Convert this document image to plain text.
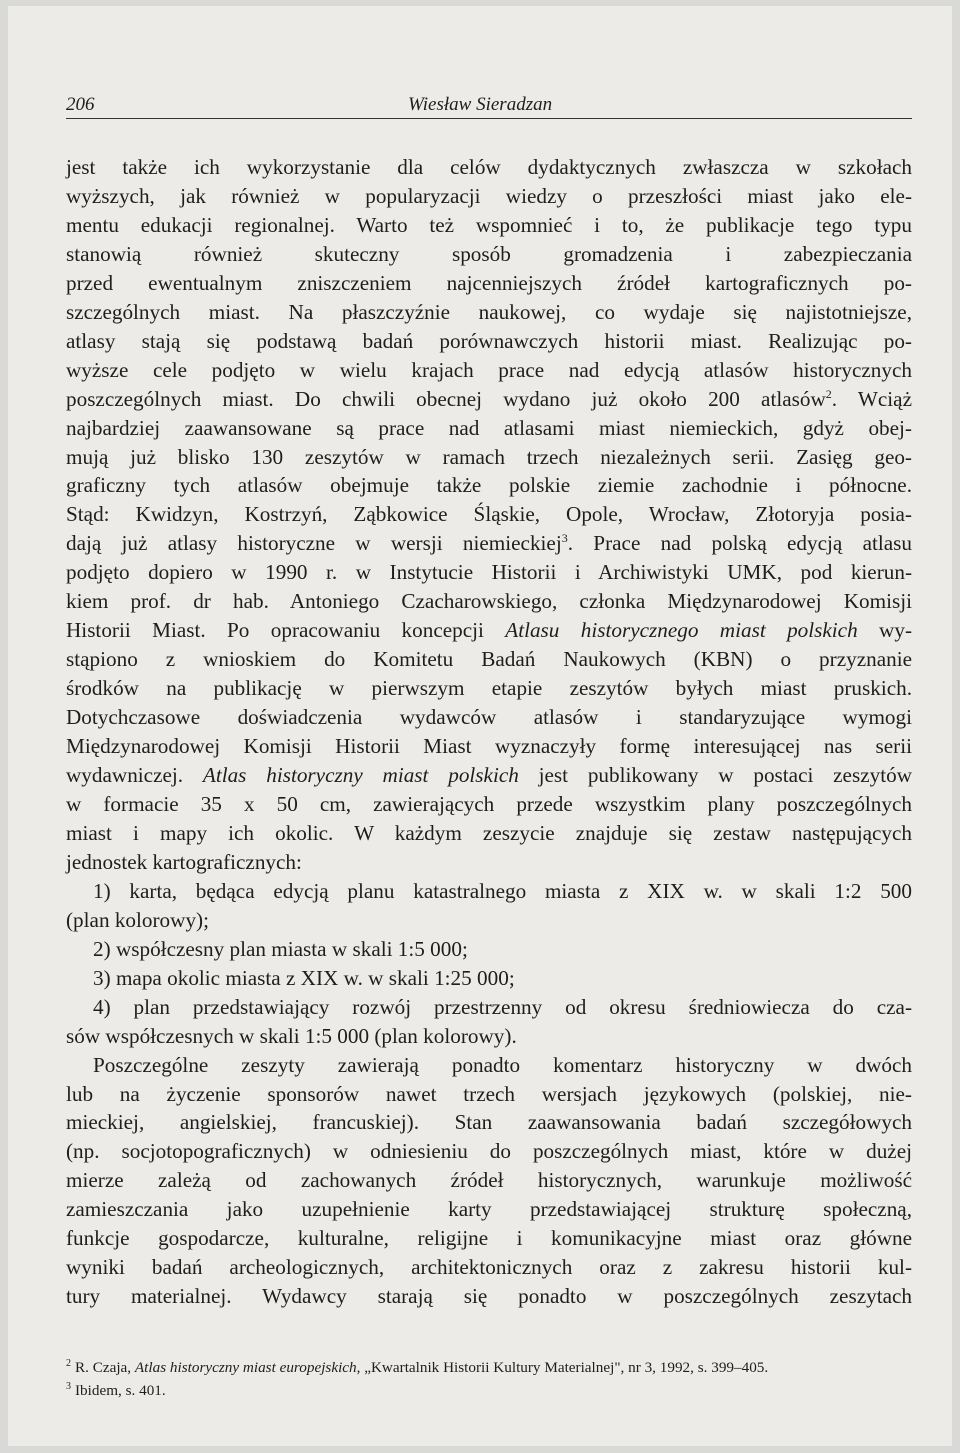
206	Wiesław Sieradzan
jest także ich wykorzystanie dla celów dydaktycznych zwłaszcza w szkołach
wyższych, jak również w popularyzacji wiedzy o przeszłości miast jako ele-
mentu edukacji regionalnej. Warto też wspomnieć i to, że publikacje tego typu
stanowią również skuteczny sposób gromadzenia i zabezpieczania
przed ewentualnym zniszczeniem najcenniejszych źródeł kartograficznych po-
szczególnych miast. Na płaszczyźnie naukowej, co wydaje się najistotniejsze,
atlasy stają się podstawą badań porównawczych historii miast. Realizując po-
wyższe cele podjęto w wielu krajach prace nad edycją atlasów historycznych
poszczególnych miast. Do chwili obecnej wydano już około 200 atlasów$^2$. Wciąż
najbardziej zaawansowane są prace nad atlasami miast niemieckich, gdyż obej-
mują już blisko 130 zeszytów w ramach trzech niezależnych serii. Zasięg geo-
graficzny tych atlasów obejmuje także polskie ziemie zachodnie i północne.
Stąd: Kwidzyn, Kostrzyń, Ząbkowice Śląskie, Opole, Wrocław, Złotoryja posia-
dają już atlasy historyczne w wersji niemieckiej$^3$. Prace nad polską edycją atlasu
podjęto dopiero w 1990 r. w Instytucie Historii i Archiwistyki UMK, pod kierun-
kiem prof. dr hab. Antoniego Czacharowskiego, członka Międzynarodowej Komisji
Historii Miast. Po opracowaniu koncepcji Atlasu historycznego miast polskich wy-
stąpiono z wnioskiem do Komitetu Badań Naukowych (KBN) o przyznanie
środków na publikację w pierwszym etapie zeszytów byłych miast pruskich.
Dotychczasowe doświadczenia wydawców atlasów i standaryzujące wymogi
Międzynarodowej Komisji Historii Miast wyznaczyły formę interesującej nas serii
wydawniczej. Atlas historyczny miast polskich jest publikowany w postaci zeszytów
w formacie 35 x 50 cm, zawierających przede wszystkim plany poszczególnych
miast i mapy ich okolic. W każdym zeszycie znajduje się zestaw następujących
jednostek kartograficznych:
1) karta, będąca edycją planu katastralnego miasta z XIX w. w skali 1:2 500
(plan kolorowy);
2) współczesny plan miasta w skali 1:5 000;
3) mapa okolic miasta z XIX w. w skali 1:25 000;
4) plan przedstawiający rozwój przestrzenny od okresu średniowiecza do cza-
sów współczesnych w skali 1:5 000 (plan kolorowy).
Poszczególne zeszyty zawierają ponadto komentarz historyczny w dwóch
lub na życzenie sponsorów nawet trzech wersjach językowych (polskiej, nie-
mieckiej, angielskiej, francuskiej). Stan zaawansowania badań szczegółowych
(np. socjotopograficznych) w odniesieniu do poszczególnych miast, które w dużej
mierze zależą od zachowanych źródeł historycznych, warunkuje możliwość
zamieszczania jako uzupełnienie karty przedstawiającej strukturę społeczną,
funkcje gospodarcze, kulturalne, religijne i komunikacyjne miast oraz główne
wyniki badań archeologicznych, architektonicznych oraz z zakresu historii kul-
tury materialnej. Wydawcy starają się ponadto w poszczególnych zeszytach
$^2$ R. Czaja, Atlas historyczny miast europejskich, „Kwartalnik Historii Kultury Materialnej", nr 3, 1992, s. 399–405.
$^3$ Ibidem, s. 401.
